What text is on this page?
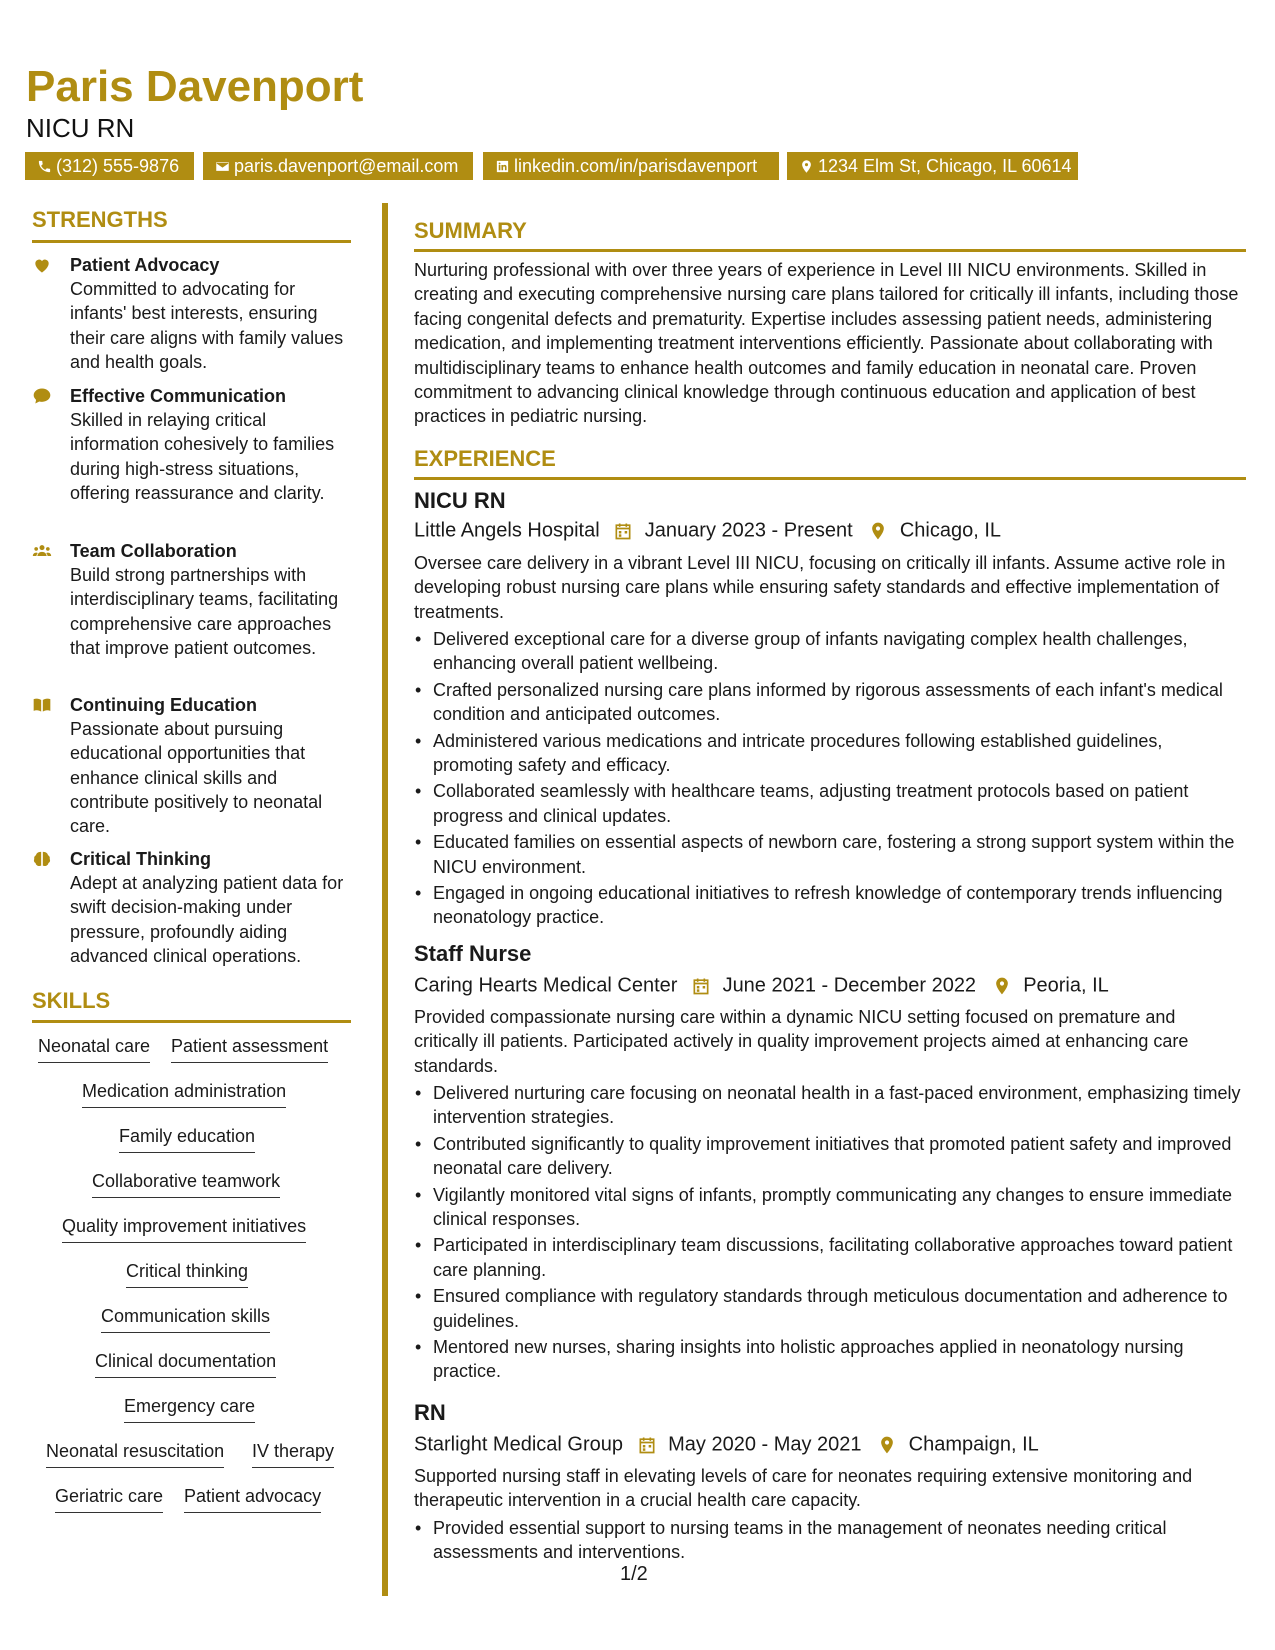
Paris Davenport
NICU RN
(312) 555-9876	paris.davenport@email.com	linkedin.com/in/parisdavenport	1234 Elm St, Chicago, IL 60614
STRENGTHS
Patient Advocacy
Committed to advocating for infants' best interests, ensuring their care aligns with family values and health goals.
Effective Communication
Skilled in relaying critical information cohesively to families during high-stress situations, offering reassurance and clarity.
Team Collaboration
Build strong partnerships with interdisciplinary teams, facilitating comprehensive care approaches that improve patient outcomes.
Continuing Education
Passionate about pursuing educational opportunities that enhance clinical skills and contribute positively to neonatal care.
Critical Thinking
Adept at analyzing patient data for swift decision-making under pressure, profoundly aiding advanced clinical operations.
SKILLS
Neonatal care Patient assessment
Medication administration
Family education
Collaborative teamwork
Quality improvement initiatives
Critical thinking
Communication skills
Clinical documentation
Emergency care
Neonatal resuscitation IV therapy
Geriatric care Patient advocacy
SUMMARY
Nurturing professional with over three years of experience in Level III NICU environments. Skilled in creating and executing comprehensive nursing care plans tailored for critically ill infants, including those facing congenital defects and prematurity. Expertise includes assessing patient needs, administering medication, and implementing treatment interventions efficiently. Passionate about collaborating with multidisciplinary teams to enhance health outcomes and family education in neonatal care. Proven commitment to advancing clinical knowledge through continuous education and application of best practices in pediatric nursing.
EXPERIENCE
NICU RN
Little Angels Hospital January 2023 - Present Chicago, IL
Oversee care delivery in a vibrant Level III NICU, focusing on critically ill infants. Assume active role in developing robust nursing care plans while ensuring safety standards and effective implementation of treatments.
• Delivered exceptional care for a diverse group of infants navigating complex health challenges, enhancing overall patient wellbeing.
• Crafted personalized nursing care plans informed by rigorous assessments of each infant's medical condition and anticipated outcomes.
• Administered various medications and intricate procedures following established guidelines, promoting safety and efficacy.
• Collaborated seamlessly with healthcare teams, adjusting treatment protocols based on patient progress and clinical updates.
• Educated families on essential aspects of newborn care, fostering a strong support system within the NICU environment.
• Engaged in ongoing educational initiatives to refresh knowledge of contemporary trends influencing neonatology practice.
Staff Nurse
Caring Hearts Medical Center June 2021 - December 2022 Peoria, IL
Provided compassionate nursing care within a dynamic NICU setting focused on premature and critically ill patients. Participated actively in quality improvement projects aimed at enhancing care standards.
• Delivered nurturing care focusing on neonatal health in a fast-paced environment, emphasizing timely intervention strategies.
• Contributed significantly to quality improvement initiatives that promoted patient safety and improved neonatal care delivery.
• Vigilantly monitored vital signs of infants, promptly communicating any changes to ensure immediate clinical responses.
• Participated in interdisciplinary team discussions, facilitating collaborative approaches toward patient care planning.
• Ensured compliance with regulatory standards through meticulous documentation and adherence to guidelines.
• Mentored new nurses, sharing insights into holistic approaches applied in neonatology nursing practice.
RN
Starlight Medical Group May 2020 - May 2021 Champaign, IL
Supported nursing staff in elevating levels of care for neonates requiring extensive monitoring and therapeutic intervention in a crucial health care capacity.
• Provided essential support to nursing teams in the management of neonates needing critical assessments and interventions.
1/2
